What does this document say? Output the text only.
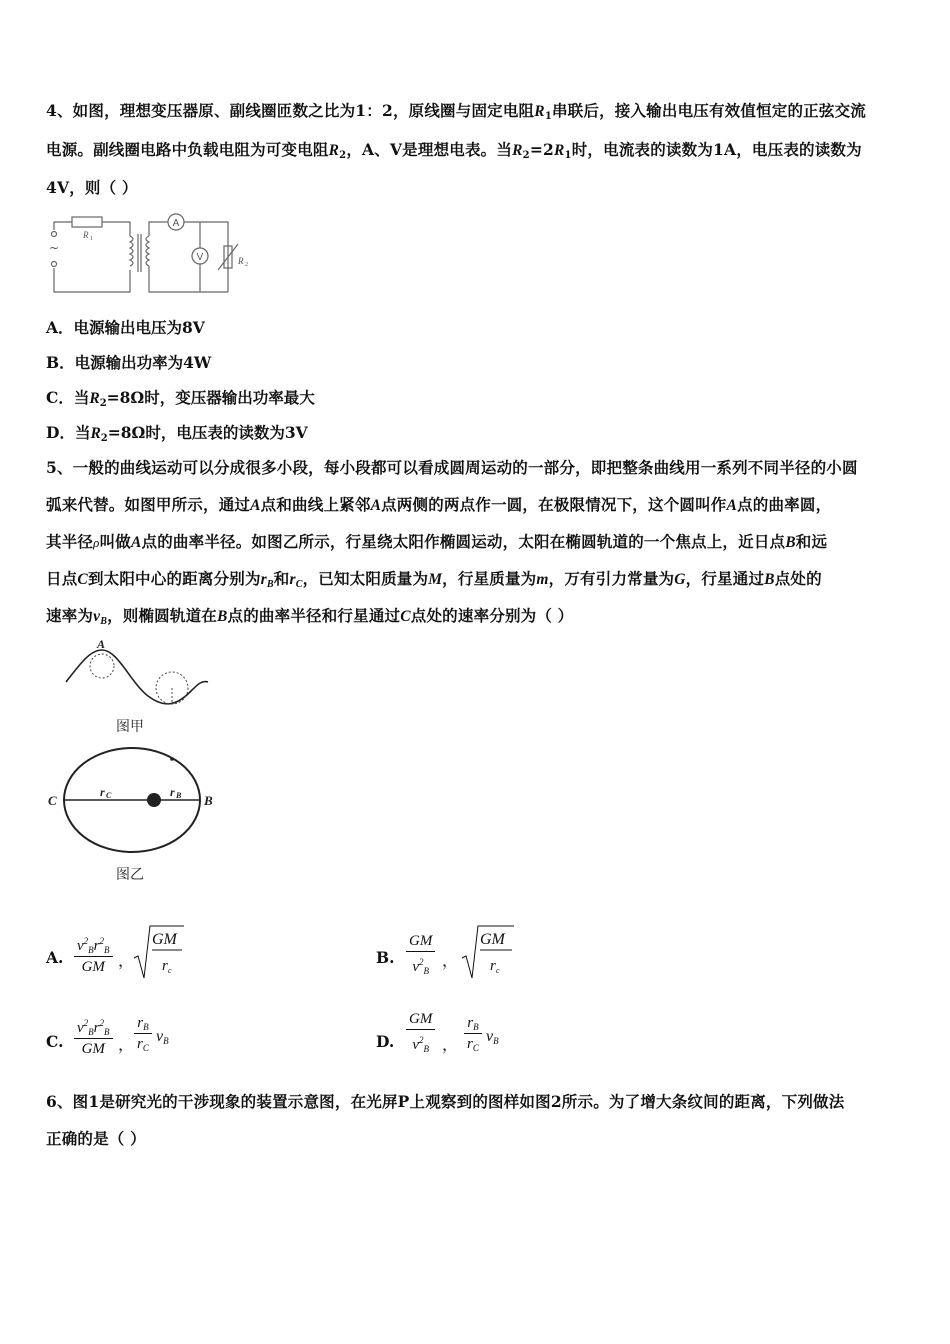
4、如图，理想变压器原、副线圈匝数之比为1：2，原线圈与固定电阻$R_1$串联后，接入输出电压有效值恒定的正弦交流
电源。副线圈电路中负载电阻为可变电阻$R_2$，A、V是理想电表。当$R_2=2R_1$时，电流表的读数为1A，电压表的读数为
4V，则（ ）
~
R 1
A
V	R 2
A．电源输出电压为8V
B．电源输出功率为4W
C．当$R_2=8\Omega$时，变压器输出功率最大
D．当$R_2=8\Omega$时，电压表的读数为3V
5、一般的曲线运动可以分成很多小段，每小段都可以看成圆周运动的一部分，即把整条曲线用一系列不同半径的小圆
弧来代替。如图甲所示，通过A点和曲线上紧邻A点两侧的两点作一圆，在极限情况下，这个圆叫作A点的曲率圆，
其半径ρ叫做A点的曲率半径。如图乙所示，行星绕太阳作椭圆运动，太阳在椭圆轨道的一个焦点上，近日点B和远
日点C到太阳中心的距离分别为$r_B$和$r_C$，已知太阳质量为M，行星质量为m，万有引力常量为G，行星通过B点处的
速率为$v_B$，则椭圆轨道在B点的曲率半径和行星通过C点处的速率分别为（ ）
A
图甲
C	B
r C	r B
图乙
A. $\frac{v^2_Br^2_B}{GM}$ ，
GM
r c
B. $\frac{GM}{v^2_B}$ ，
GM
r c
C. $\frac{v^2_Br^2_B}{GM}$ ， $\frac{r_B}{r_C} v_B$	D. $\frac{GM}{v^2_B}$ ， $\frac{r_B}{r_C} v_B$
6、图1是研究光的干涉现象的装置示意图，在光屏P上观察到的图样如图2所示。为了增大条纹间的距离，下列做法
正确的是（ ）
